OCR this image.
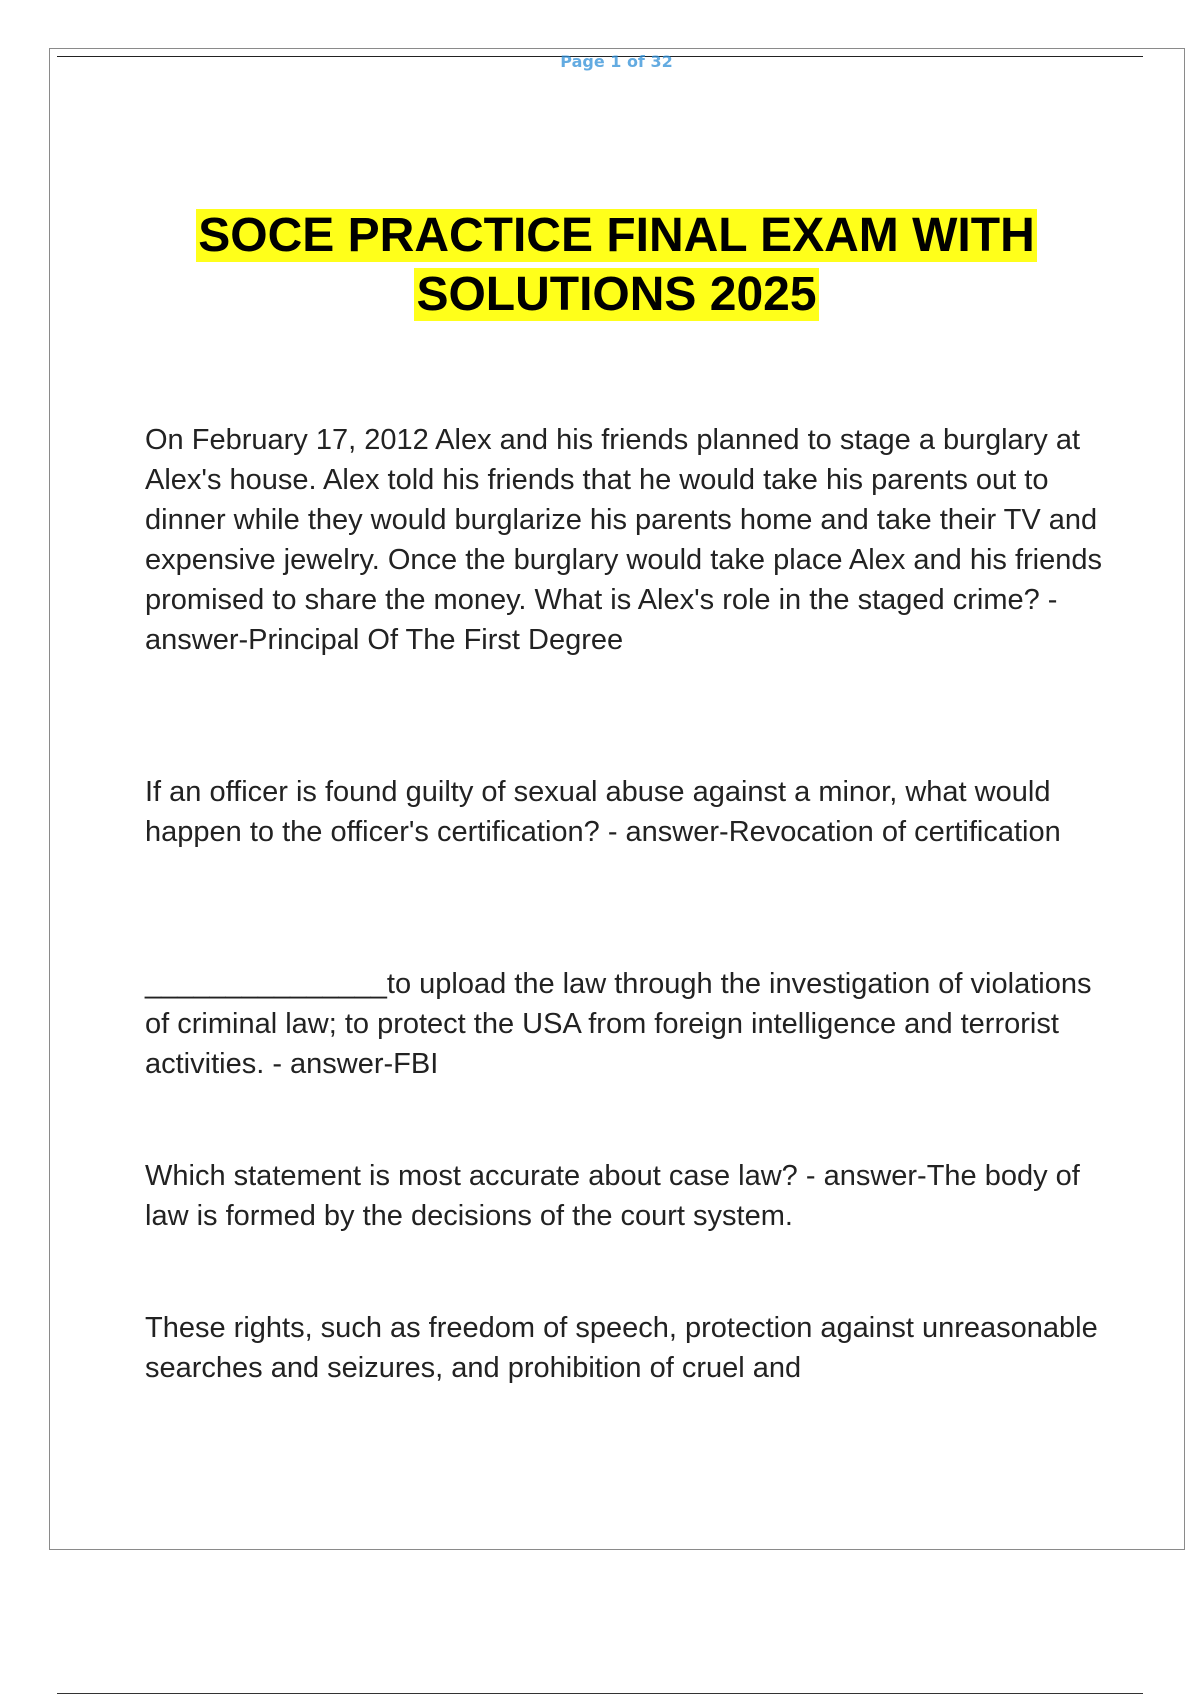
Page 1 of 32
SOCE PRACTICE FINAL EXAM WITH
SOLUTIONS 2025
On February 17, 2012 Alex and his friends planned to stage a burglary at Alex's house. Alex told his friends that he would take his parents out to dinner while they would burglarize his parents home and take their TV and expensive jewelry. Once the burglary would take place Alex and his friends promised to share the money. What is Alex's role in the staged crime? - answer-Principal Of The First Degree
If an officer is found guilty of sexual abuse against a minor, what would happen to the officer's certification? - answer-Revocation of certification
_______________to upload the law through the investigation of violations of criminal law; to protect the USA from foreign intelligence and terrorist activities. - answer-FBI
Which statement is most accurate about case law? - answer-The body of law is formed by the decisions of the court system.
These rights, such as freedom of speech, protection against unreasonable searches and seizures, and prohibition of cruel and
